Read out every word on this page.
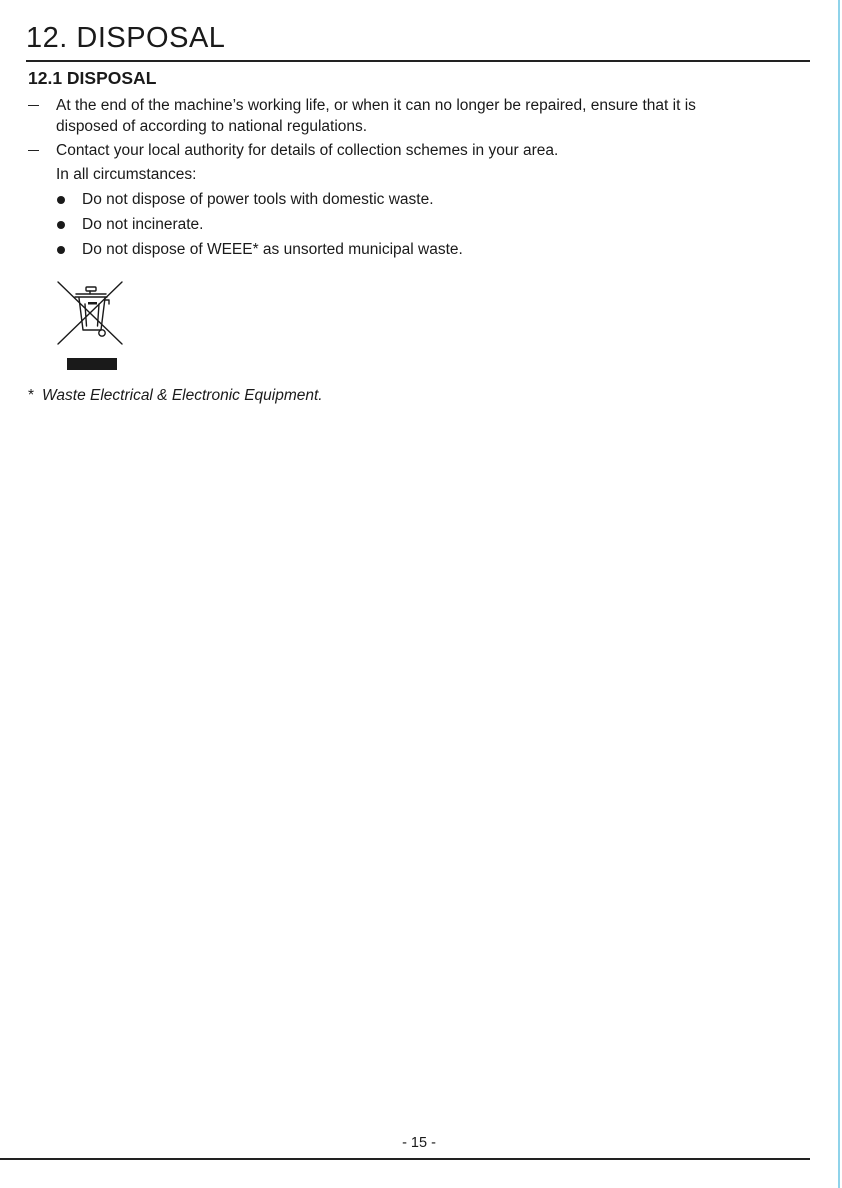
12. DISPOSAL
12.1 DISPOSAL
At the end of the machine’s working life, or when it can no longer be repaired, ensure that it is
disposed of according to national regulations.
Contact your local authority for details of collection schemes in your area.
In all circumstances:
Do not dispose of power tools with domestic waste.
Do not incinerate.
Do not dispose of WEEE* as unsorted municipal waste.
* Waste Electrical & Electronic Equipment.
- 15 -
